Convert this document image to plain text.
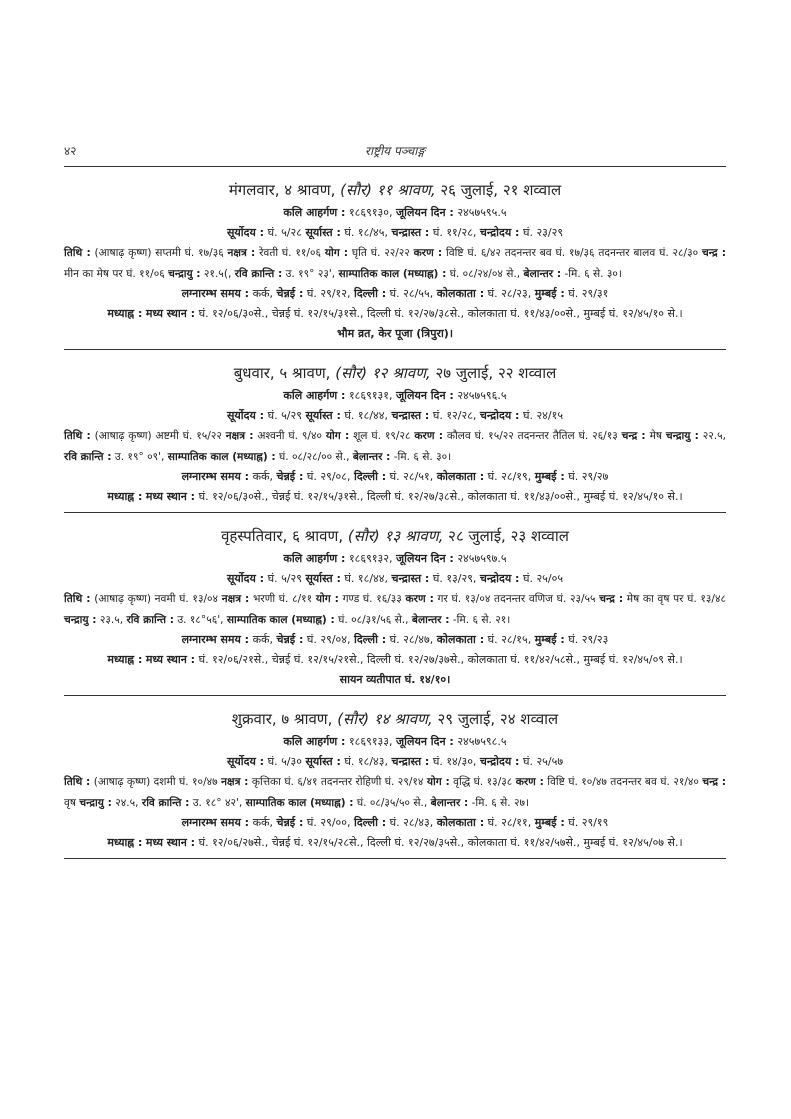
४२	राष्ट्रीय पञ्चाङ्ग
मंगलवार, ४ श्रावण, (सौर) ११ श्रावण, २६ जुलाई, २१ शव्वाल
कलि आहर्गण : १८६९१३०, जूलियन दिन : २४५७५९५.५
सूर्योदय : घं. ५/२८ सूर्यास्त : घं. १८/४५, चन्द्रास्त : घं. ११/२८, चन्द्रोदय : घं. २३/२९
तिथि : (आषाढ़ कृष्ण) सप्तमी घं. १७/३६ नक्षत्र : रेवती घं. ११/०६ योग : घृति घं. २२/२२ करण : विष्टि घं. ६/४२ तदनन्तर बव घं. १७/३६ तदनन्तर बालव घं. २८/३० चन्द्र : मीन का मेष पर घं. ११/०६ चन्द्रायु : २१.५(, रवि क्रान्ति : उ. १९° २३', साम्पातिक काल (मध्याह्न) : घं. ०८/२४/०४ से., बेलान्तर : -मि. ६ से. ३०।
लग्नारम्भ समय : कर्क, चेन्नई : घं. २९/१२, दिल्ली : घं. २८/५५, कोलकाता : घं. २८/२३, मुम्बई : घं. २९/३१
मध्याह्न : मध्य स्थान : घं. १२/०६/३०से., चेन्नई घं. १२/१५/३१से., दिल्ली घं. १२/२७/३८से., कोलकाता घं. ११/४३/००से., मुम्बई घं. १२/४५/१० से.।
भौम व्रत, केर पूजा (त्रिपुरा)।
बुधवार, ५ श्रावण, (सौर) १२ श्रावण, २७ जुलाई, २२ शव्वाल
कलि आहर्गण : १८६९१३१, जूलियन दिन : २४५७५९६.५
सूर्योदय : घं. ५/२९ सूर्यास्त : घं. १८/४४, चन्द्रास्त : घं. १२/२८, चन्द्रोदय : घं. २४/१५
तिथि : (आषाढ़ कृष्ण) अष्टमी घं. १५/२२ नक्षत्र : अश्वनी घं. ९/४० योग : शूल घं. १९/२८ करण : कौलव घं. १५/२२ तदनन्तर तैतिल घं. २६/१३ चन्द्र : मेष चन्द्रायु : २२.५, रवि क्रान्ति : उ. १९° ०९', साम्पातिक काल (मध्याह्न) : घं. ०८/२८/०० से., बेलान्तर : -मि. ६ से. ३०।
लग्नारम्भ समय : कर्क, चेन्नई : घं. २९/०८, दिल्ली : घं. २८/५१, कोलकाता : घं. २८/१९, मुम्बई : घं. २९/२७
मध्याह्न : मध्य स्थान : घं. १२/०६/३०से., चेन्नई घं. १२/१५/३१से., दिल्ली घं. १२/२७/३८से., कोलकाता घं. ११/४३/००से., मुम्बई घं. १२/४५/१० से.।
वृहस्पतिवार, ६ श्रावण, (सौर) १३ श्रावण, २८ जुलाई, २३ शव्वाल
कलि आहर्गण : १८६९१३२, जूलियन दिन : २४५७५९७.५
सूर्योदय : घं. ५/२९ सूर्यास्त : घं. १८/४४, चन्द्रास्त : घं. १३/२९, चन्द्रोदय : घं. २५/०५
तिथि : (आषाढ़ कृष्ण) नवमी घं. १३/०४ नक्षत्र : भरणी घं. ८/११ योग : गण्ड घं. १६/३३ करण : गर घं. १३/०४ तदनन्तर वणिज घं. २३/५५ चन्द्र : मेष का वृष पर घं. १३/४८ चन्द्रायु : २३.५, रवि क्रान्ति : उ. १८°५६', साम्पातिक काल (मध्याह्न) : घं. ०८/३१/५६ से., बेलान्तर : -मि. ६ से. २१।
लग्नारम्भ समय : कर्क, चेन्नई : घं. २९/०४, दिल्ली : घं. २८/४७, कोलकाता : घं. २८/१५, मुम्बई : घं. २९/२३
मध्याह्न : मध्य स्थान : घं. १२/०६/२१से., चेन्नई घं. १२/१५/२१से., दिल्ली घं. १२/२७/३७से., कोलकाता घं. ११/४२/५८से., मुम्बई घं. १२/४५/०९ से.।
सायन व्यतीपात घं. १४/१०।
शुक्रवार, ७ श्रावण, (सौर) १४ श्रावण, २९ जुलाई, २४ शव्वाल
कलि आहर्गण : १८६९१३३, जूलियन दिन : २४५७५९८.५
सूर्योदय : घं. ५/३० सूर्यास्त : घं. १८/४३, चन्द्रास्त : घं. १४/३०, चन्द्रोदय : घं. २५/५७
तिथि : (आषाढ़ कृष्ण) दशमी घं. १०/४७ नक्षत्र : कृत्तिका घं. ६/४१ तदनन्तर रोहिणी घं. २९/१४ योग : वृद्धि घं. १३/३८ करण : विष्टि घं. १०/४७ तदनन्तर बव घं. २१/४० चन्द्र : वृष चन्द्रायु : २४.५, रवि क्रान्ति : उ. १८° ४२', साम्पातिक काल (मध्याह्न) : घं. ०८/३५/५० से., बेलान्तर : -मि. ६ से. २७।
लग्नारम्भ समय : कर्क, चेन्नई : घं. २९/००, दिल्ली : घं. २८/४३, कोलकाता : घं. २८/११, मुम्बई : घं. २९/१९
मध्याह्न : मध्य स्थान : घं. १२/०६/२७से., चेन्नई घं. १२/१५/२८से., दिल्ली घं. १२/२७/३५से., कोलकाता घं. ११/४२/५७से., मुम्बई घं. १२/४५/०७ से.।
